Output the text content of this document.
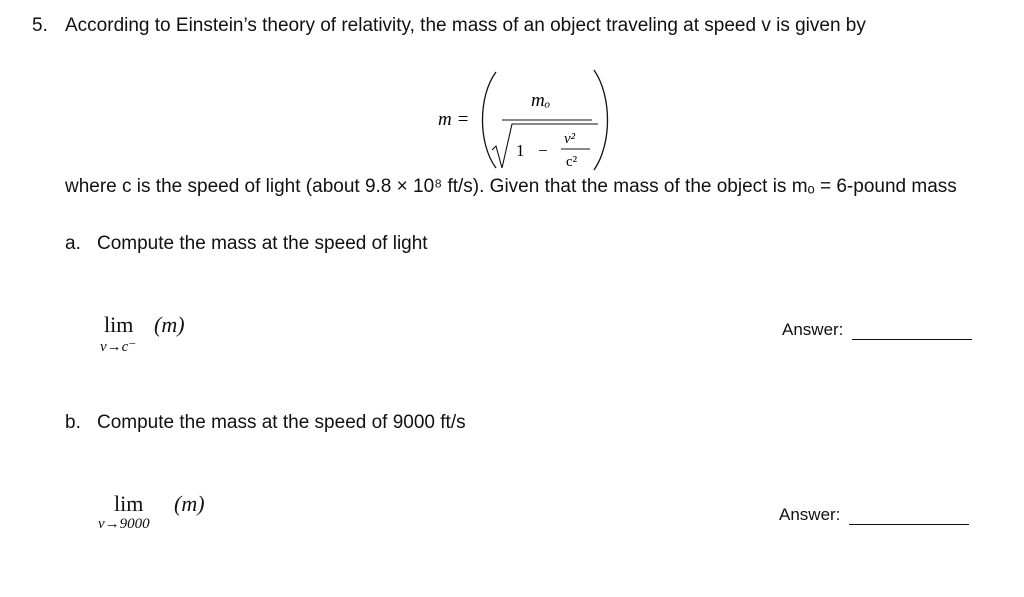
5. According to Einstein’s theory of relativity, the mass of an object traveling at speed v is given by
m =
mₒ
1 −
v²
c²
where c is the speed of light (about 9.8 × 10⁸ ft/s). Given that the mass of the object is mₒ = 6-pound mass
a. Compute the mass at the speed of light
lim (m)
v→c⁻
Answer:
b. Compute the mass at the speed of 9000 ft/s
lim (m)
v→9000	Answer:
